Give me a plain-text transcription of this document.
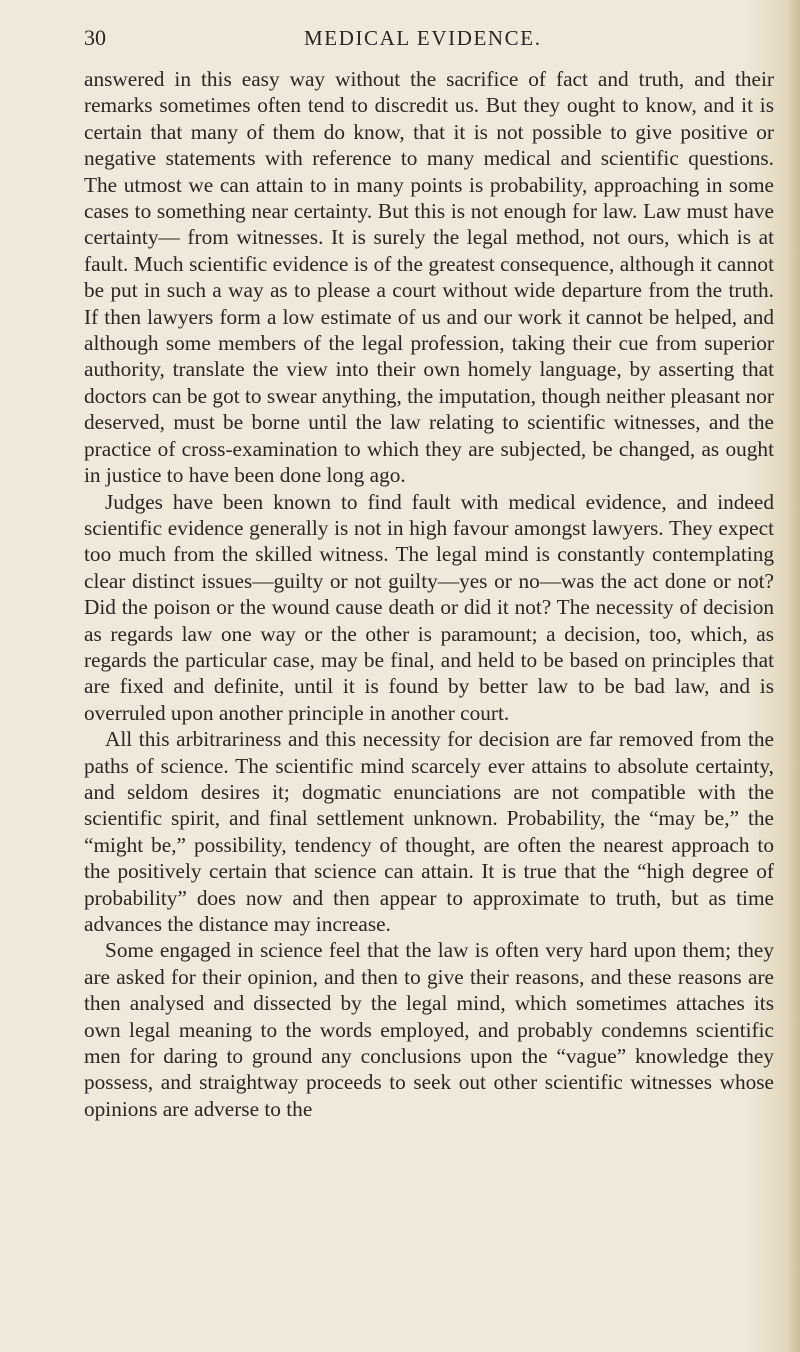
30	MEDICAL EVIDENCE.

answered in this easy way without the sacrifice of fact and truth, and their remarks sometimes often tend to discredit us. But they ought to know, and it is certain that many of them do know, that it is not possible to give positive or negative statements with reference to many medical and scientific questions. The utmost we can attain to in many points is probability, approaching in some cases to something near certainty. But this is not enough for law. Law must have certainty— from witnesses. It is surely the legal method, not ours, which is at fault. Much scientific evidence is of the greatest consequence, although it cannot be put in such a way as to please a court without wide departure from the truth. If then lawyers form a low estimate of us and our work it cannot be helped, and although some members of the legal profession, taking their cue from superior authority, translate the view into their own homely language, by asserting that doctors can be got to swear anything, the imputation, though neither pleasant nor deserved, must be borne until the law relating to scientific witnesses, and the practice of cross-examination to which they are subjected, be changed, as ought in justice to have been done long ago.

Judges have been known to find fault with medical evidence, and indeed scientific evidence generally is not in high favour amongst lawyers. They expect too much from the skilled witness. The legal mind is constantly contemplating clear distinct issues—guilty or not guilty—yes or no—was the act done or not? Did the poison or the wound cause death or did it not? The necessity of decision as regards law one way or the other is paramount; a decision, too, which, as regards the particular case, may be final, and held to be based on principles that are fixed and definite, until it is found by better law to be bad law, and is overruled upon another principle in another court.

All this arbitrariness and this necessity for decision are far removed from the paths of science. The scientific mind scarcely ever attains to absolute certainty, and seldom desires it; dogmatic enunciations are not compatible with the scientific spirit, and final settlement unknown. Probability, the “may be,” the “might be,” possibility, tendency of thought, are often the nearest approach to the positively certain that science can attain. It is true that the “high degree of probability” does now and then appear to approximate to truth, but as time advances the distance may increase.

Some engaged in science feel that the law is often very hard upon them; they are asked for their opinion, and then to give their reasons, and these reasons are then analysed and dissected by the legal mind, which sometimes attaches its own legal meaning to the words employed, and probably condemns scientific men for daring to ground any conclusions upon the “vague” knowledge they possess, and straightway proceeds to seek out other scientific witnesses whose opinions are adverse to the
